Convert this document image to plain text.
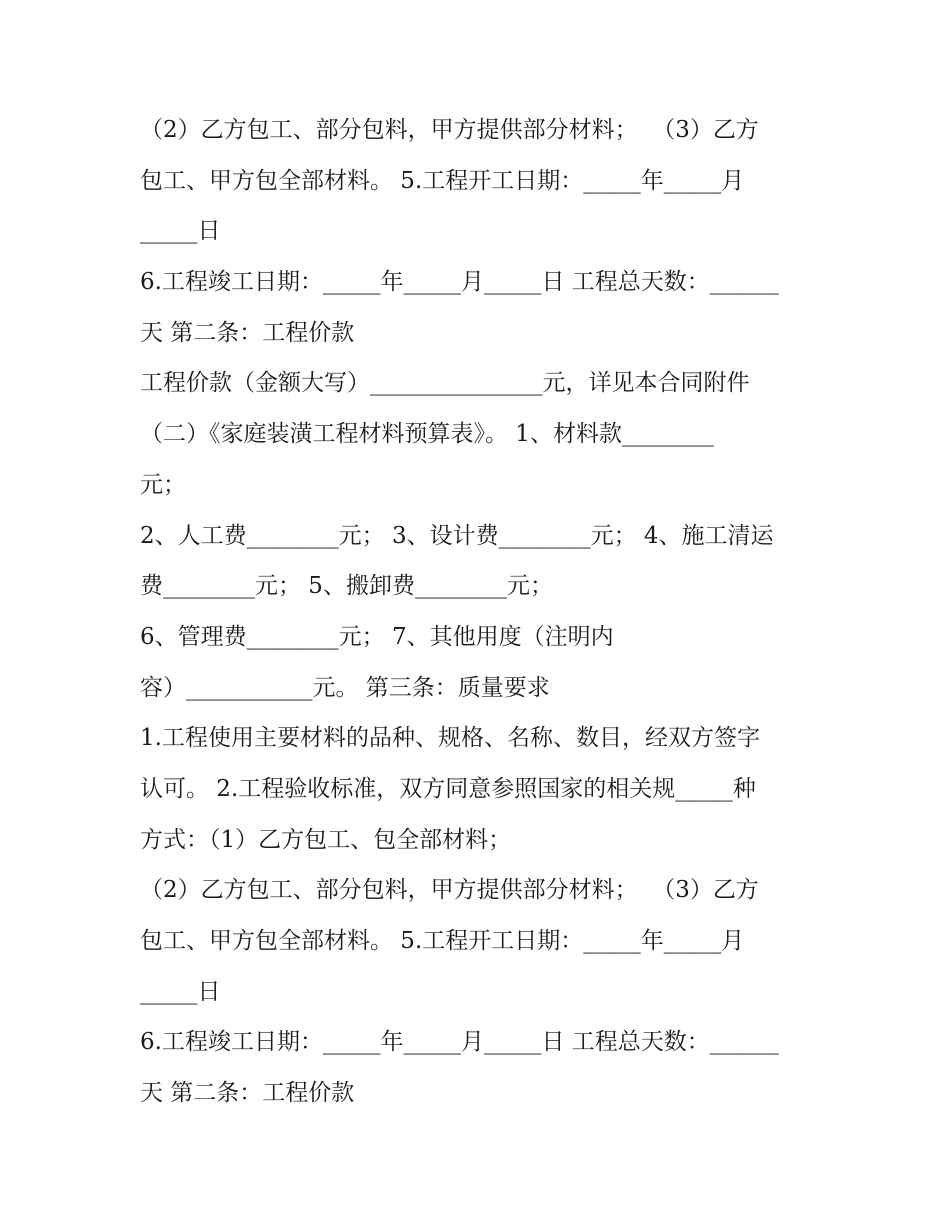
（2）乙方包工、部分包料，甲方提供部分材料；  （3）乙方
包工、甲方包全部材料。 5.工程开工日期：_____年_____月
_____日
6.工程竣工日期：_____年_____月_____日 工程总天数：______
天 第二条：工程价款
工程价款（金额大写）_______________元，详见本合同附件
（二）《家庭装潢工程材料预算表》。 1、材料款________
元；
2、人工费________元； 3、设计费________元； 4、施工清运
费________元； 5、搬卸费________元；
6、管理费________元； 7、其他用度（注明内
容）___________元。 第三条：质量要求
1.工程使用主要材料的品种、规格、名称、数目，经双方签字
认可。 2.工程验收标准，双方同意参照国家的相关规_____种
方式：（1）乙方包工、包全部材料；
（2）乙方包工、部分包料，甲方提供部分材料；  （3）乙方
包工、甲方包全部材料。 5.工程开工日期：_____年_____月
_____日
6.工程竣工日期：_____年_____月_____日 工程总天数：______
天 第二条：工程价款
